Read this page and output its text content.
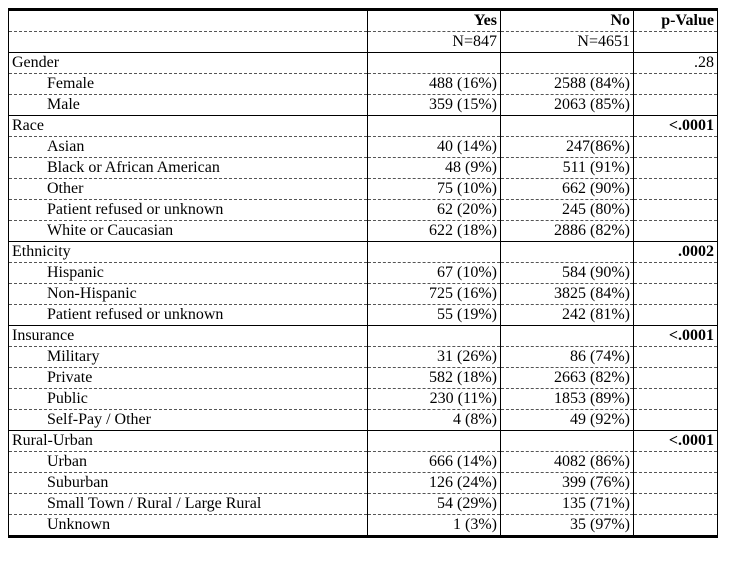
	Yes	No	p-Value
	N=847	N=4651	
Gender			.28
Female	488 (16%)	2588 (84%)	
Male	359 (15%)	2063 (85%)	
Race			<.0001
Asian	40 (14%)	247(86%)	
Black or African American	48 (9%)	511 (91%)	
Other	75 (10%)	662 (90%)	
Patient refused or unknown	62 (20%)	245 (80%)	
White or Caucasian	622 (18%)	2886 (82%)	
Ethnicity			.0002
Hispanic	67 (10%)	584 (90%)	
Non-Hispanic	725 (16%)	3825 (84%)	
Patient refused or unknown	55 (19%)	242 (81%)	
Insurance			<.0001
Military	31 (26%)	86 (74%)	
Private	582 (18%)	2663 (82%)	
Public	230 (11%)	1853 (89%)	
Self-Pay / Other	4 (8%)	49 (92%)	
Rural-Urban			<.0001
Urban	666 (14%)	4082 (86%)	
Suburban	126 (24%)	399 (76%)	
Small Town / Rural / Large Rural	54 (29%)	135 (71%)	
Unknown	1 (3%)	35 (97%)	
